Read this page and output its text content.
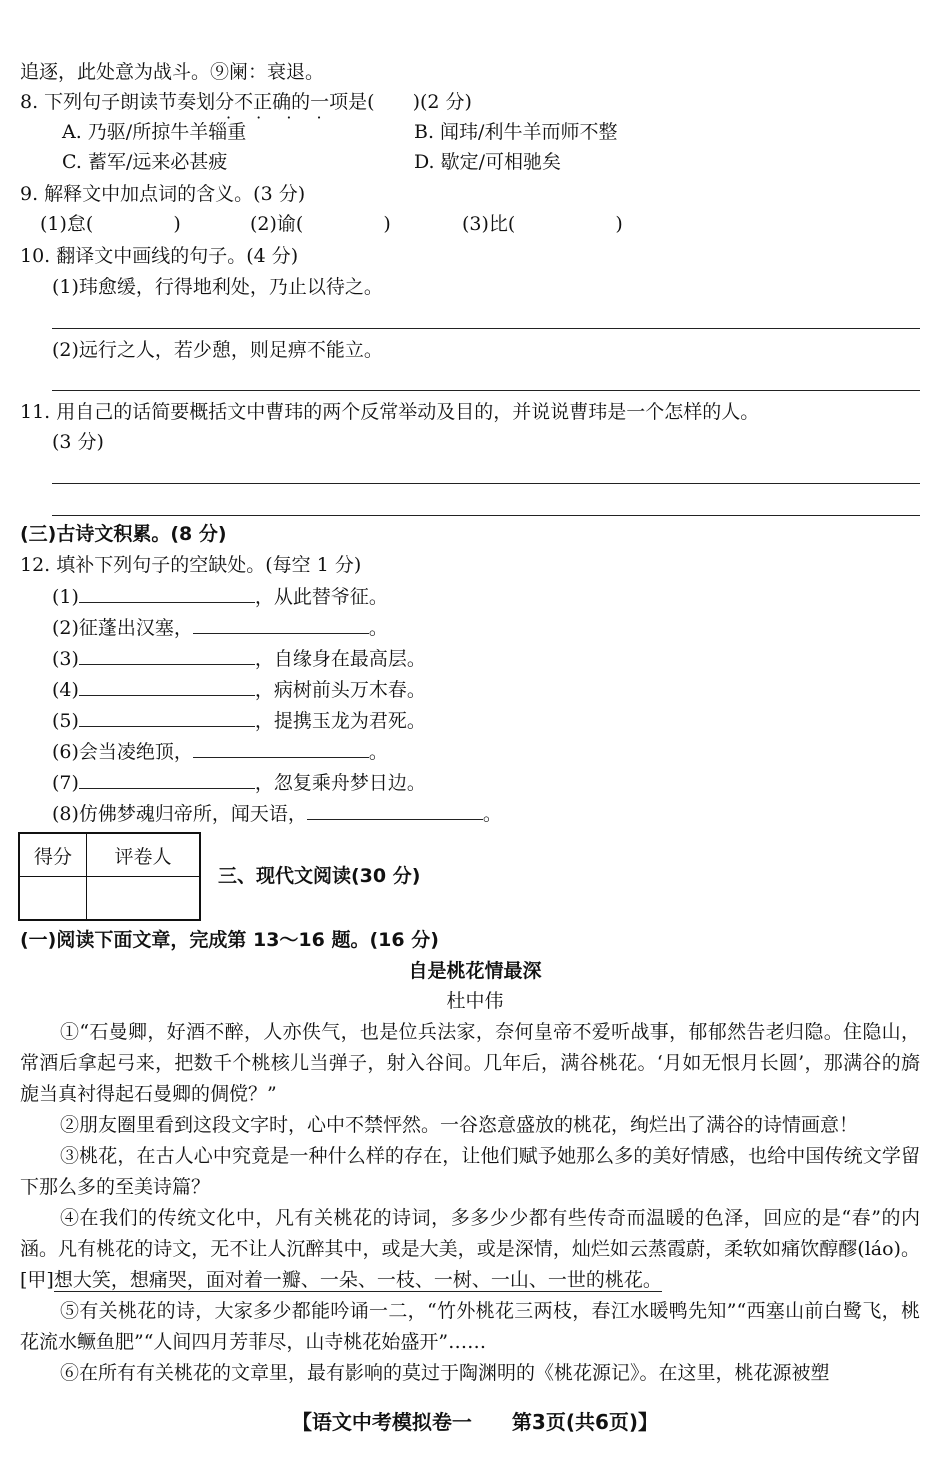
追逐，此处意为战斗。⑨阑：衰退。
8. 下列句子朗读节奏划分不正确的一项是(　　)(2 分)
A. 乃驱/所掠牛羊辎重	B. 闻玮/利牛羊而师不整
C. 蓄军/远来必甚疲	D. 歇定/可相驰矣
· · · ·
9. 解释文中加点词的含义。(3 分)
(1)怠(	)	(2)谕(	)	(3)比(	)
10. 翻译文中画线的句子。(4 分)
(1)玮愈缓，行得地利处，乃止以待之。
(2)远行之人，若少憩，则足痹不能立。
11. 用自己的话简要概括文中曹玮的两个反常举动及目的，并说说曹玮是一个怎样的人。
(3 分)
(三)古诗文积累。(8 分)
12. 填补下列句子的空缺处。(每空 1 分)
(1)	，从此替爷征。
(2)征蓬出汉塞，	。
(3)	，自缘身在最高层。
(4)	，病树前头万木春。
(5)	，提携玉龙为君死。
(6)会当凌绝顶，	。
(7)	，忽复乘舟梦日边。
(8)仿佛梦魂归帝所，闻天语，	。
得分	评卷人

三、现代文阅读(30 分)
(一)阅读下面文章，完成第 13～16 题。(16 分)
自是桃花情最深
杜中伟
①“石曼卿，好酒不醉，人亦佚气，也是位兵法家，奈何皇帝不爱听战事，郁郁然告老归隐。住隐山，常酒后拿起弓来，把数千个桃核儿当弹子，射入谷间。几年后，满谷桃花。‘月如无恨月长圆’，那满谷的旖旎当真衬得起石曼卿的倜傥？”
②朋友圈里看到这段文字时，心中不禁怦然。一谷恣意盛放的桃花，绚烂出了满谷的诗情画意！
③桃花，在古人心中究竟是一种什么样的存在，让他们赋予她那么多的美好情感，也给中国传统文学留下那么多的至美诗篇？
④在我们的传统文化中，凡有关桃花的诗词，多多少少都有些传奇而温暖的色泽，回应的是“春”的内涵。凡有桃花的诗文，无不让人沉醉其中，或是大美，或是深情，灿烂如云蒸霞蔚，柔软如痛饮醇醪(láo)。[甲]想大笑，想痛哭，面对着一瓣、一朵、一枝、一树、一山、一世的桃花。
⑤有关桃花的诗，大家多少都能吟诵一二，“竹外桃花三两枝，春江水暖鸭先知”“西塞山前白鹭飞，桃花流水鳜鱼肥”“人间四月芳菲尽，山寺桃花始盛开”……
⑥在所有有关桃花的文章里，最有影响的莫过于陶渊明的《桃花源记》。在这里，桃花源被塑
【语文中考模拟卷一　　第3页(共6页)】
